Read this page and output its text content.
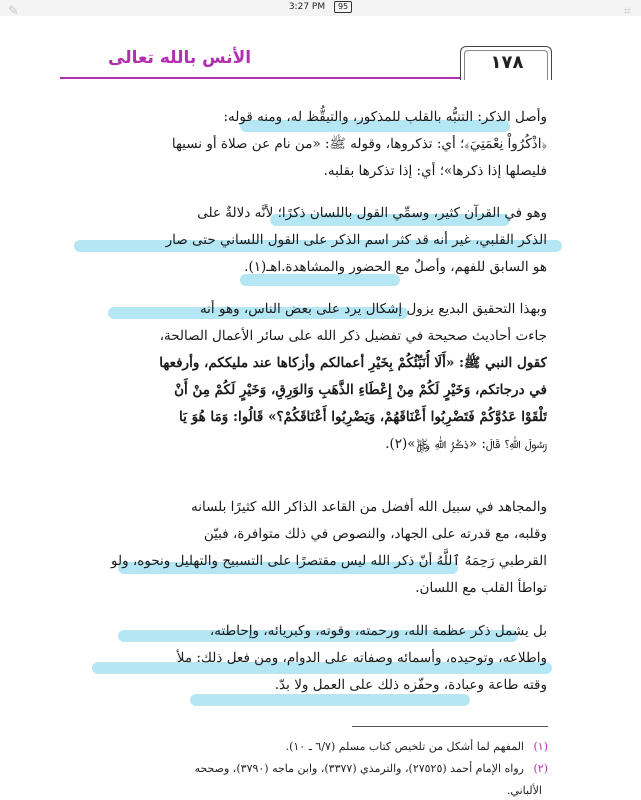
3:27 PM 95
✎	⌗
الأنس بالله تعالى	١٧٨
وأصل الذكر: التنبُّه بالقلب للمذكور، والتيقُّظ له، ومنه قوله:
﴿اذْكُرُواْ نِعْمَتِيَ﴾؛ أي: تذكروها، وقوله ﷺ: «من نام عن صلاة أو نسيها
فليصلها إذا ذكرها»؛ أي: إذا تذكرها بقلبه.
وهو في القرآن كثير، وسمِّي القول باللسان ذكرًا؛ لأنَّه دلالةٌ على
الذكر القلبي، غير أنه قد كثر اسم الذكر على القول اللساني حتى صار
هو السابق للفهم، وأصلٌ مع الحضور والمشاهدة.اهـ(١).
وبهذا التحقيق البديع يزول إشكال يرد على بعض الناس، وهو أنه
جاءت أحاديث صحيحة في تفضيل ذكر الله على سائر الأعمال الصالحة،
كقول النبي ﷺ: «أَلَا أُنَبِّئُكُمْ بِخَيْرِ أعمالكم وأزكاها عند مليككم، وأرفعها
في درجاتكم، وَخَيْرٍ لَكُمْ مِنْ إِعْطَاءِ الذَّهَبِ وَالوَرِقِ، وَخَيْرٍ لَكُمْ مِنْ أَنْ
تَلْقَوْا عَدُوَّكُمْ فَتَضْرِبُوا أَعْنَاقَهُمْ، وَيَضْرِبُوا أَعْنَاقَكُمْ؟» قَالُوا: وَمَا هُوَ يَا
رَسُولَ اللهِ؟ قَالَ: «ذِكْرُ اللهِ ﷿»(٢).
والمجاهد في سبيل الله أفضل من القاعد الذاكر الله كثيرًا بلسانه
وقلبه، مع قدرته على الجهاد، والنصوص في ذلك متوافرة، فبيّن
القرطبي رَحِمَهُ ٱللَّهُ أنّ ذكر الله ليس مقتصرًا على التسبيح والتهليل ونحوه، ولو
تواطأ القلب مع اللسان.
بل يشمل ذكر عظمة الله، ورحمته، وقوته، وكبريائه، وإحاطته،
واطلاعه، وتوحيده، وأسمائه وصفاته على الدوام، ومن فعل ذلك: ملأ
وقته طاعة وعبادة، وحفّزه ذلك على العمل ولا بدّ.
(١) المفهم لما أشكل من تلخيص كتاب مسلم (٦/٧ ـ ١٠).
(٢) رواه الإمام أحمد (٢٧٥٢٥)، والترمذي (٣٣٧٧)، وابن ماجه (٣٧٩٠)، وصححه
الألباني.
